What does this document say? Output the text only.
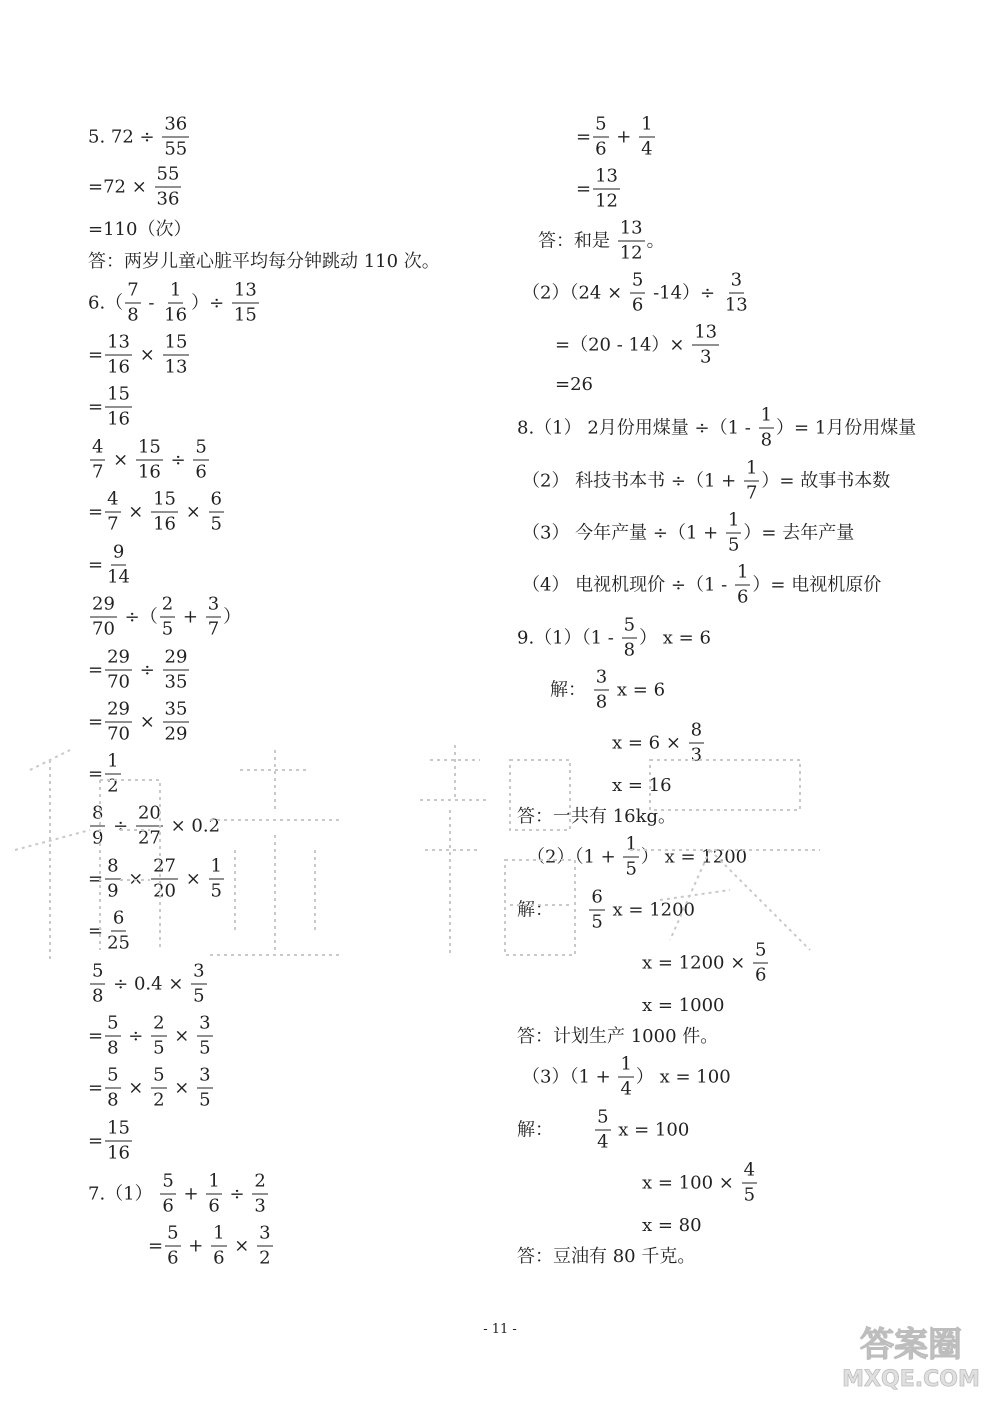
5. $72 \div \frac{36}{55}$
$=72 \times \frac{55}{36}$
=110（次）
答：两岁儿童心脏平均每分钟跳动 110 次。
$6.( \frac{7}{8} - \frac{1}{16}$ ）÷ $\frac{13}{15}$
= $\frac{13}{16} \times \frac{15}{13}$
= $\frac{15}{16}$
$\frac{4}{7} \times \frac{15}{16} \div \frac{5}{6}$
= $\frac{4}{7} \times \frac{15}{16} \times \frac{6}{5}$
= $\frac{9}{14}$
$\frac{29}{70}$ ÷（ $\frac{2}{5} + \frac{3}{7}$ ）
= $\frac{29}{70} \div \frac{29}{35}$
= $\frac{29}{70} \times \frac{35}{29}$
= $\frac{1}{2}$
$\frac{8}{9} \div \frac{20}{27} \times 0.2$
= $\frac{8}{9} \times \frac{27}{20} \times \frac{1}{5}$
= $\frac{6}{25}$
$\frac{5}{8} \div 0.4 \times \frac{3}{5}$
= $\frac{5}{8} \div \frac{2}{5} \times \frac{3}{5}$
= $\frac{5}{8} \times \frac{5}{2} \times \frac{3}{5}$
= $\frac{15}{16}$
$7.(1) \frac{5}{6} + \frac{1}{6} \div \frac{2}{3}$
= $\frac{5}{6} + \frac{1}{6} \times \frac{3}{2}$
= $\frac{5}{6} + \frac{1}{4}$
= $\frac{13}{12}$
答：和是 $\frac{13}{12}$ 。
$(2)(24 \times \frac{5}{6} -14)\div \frac{3}{13}$
$=(20 - 14)\times \frac{13}{3}$
=26
8.（1） 2月份用煤量 $\div(1 - \frac{1}{8}$ ）= 1月份用煤量
（2） 科技书本书 $\div(1 + \frac{1}{7}$ ）= 故事书本数
（3） 今年产量 $\div(1 + \frac{1}{5}$ ）= 去年产量
（4） 电视机现价 $\div(1 - \frac{1}{6}$ ）= 电视机原价
$9.(1)(1 - \frac{5}{8}$ ） x = 6
解： $\frac{3}{8}$ x = 6
$x = 6 \times \frac{8}{3}$
x = 16
答：一共有 16kg。
$(2)(1 + \frac{1}{5}$ ） x = 1200
解： $\frac{6}{5}$ x = 1200
$x = 1200 \times \frac{5}{6}$
x = 1000
答：计划生产 1000 件。
$(3)(1 + \frac{1}{4}$ ） x = 100
解： $\frac{5}{4}$ x = 100
$x = 100 \times \frac{4}{5}$
x = 80
答：豆油有 80 千克。
- 11 -	答案圈
MXQE.COM
